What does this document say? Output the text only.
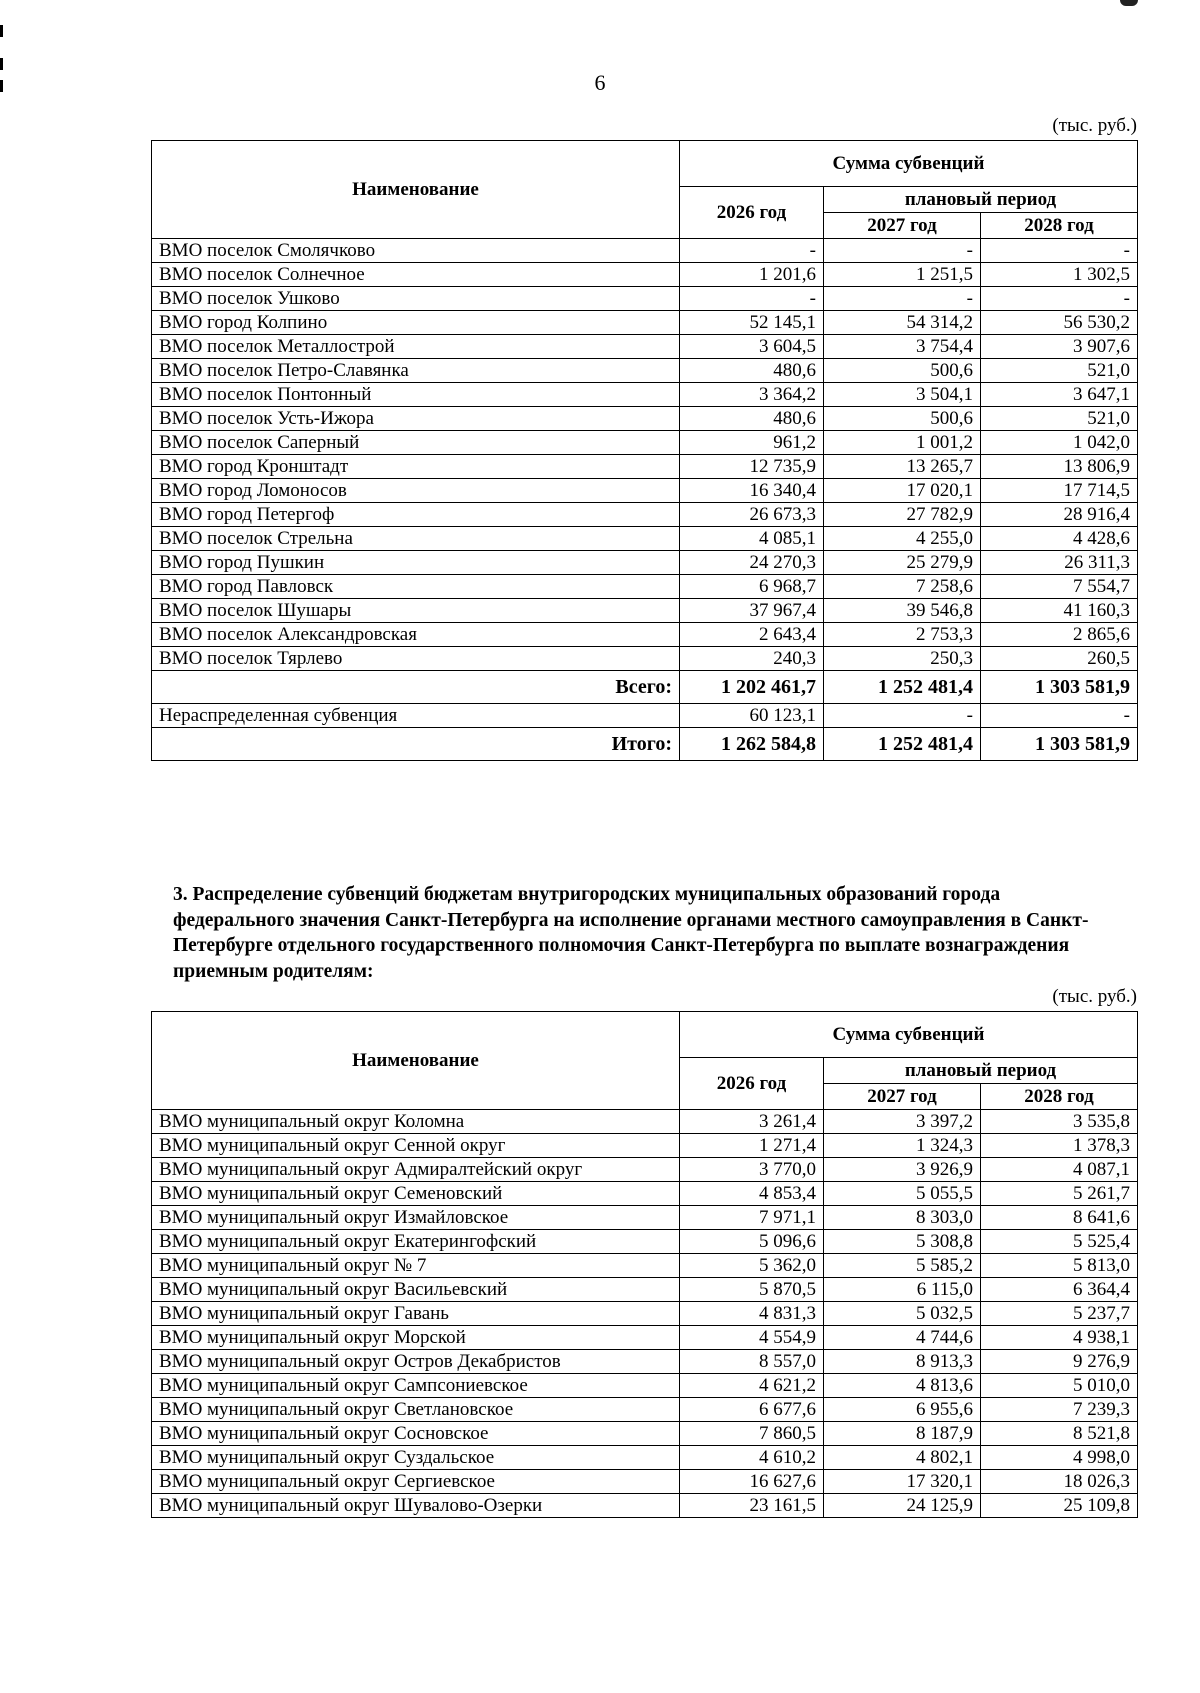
6
(тыс. руб.)
Наименование	Сумма субвенций		
	2026 год	плановый период	
		2027 год	2028 год
ВМО поселок Смолячково	-	-	-
ВМО поселок Солнечное	1 201,6	1 251,5	1 302,5
ВМО поселок Ушково	-	-	-
ВМО город Колпино	52 145,1	54 314,2	56 530,2
ВМО поселок Металлострой	3 604,5	3 754,4	3 907,6
ВМО поселок Петро-Славянка	480,6	500,6	521,0
ВМО поселок Понтонный	3 364,2	3 504,1	3 647,1
ВМО поселок Усть-Ижора	480,6	500,6	521,0
ВМО поселок Саперный	961,2	1 001,2	1 042,0
ВМО город Кронштадт	12 735,9	13 265,7	13 806,9
ВМО город Ломоносов	16 340,4	17 020,1	17 714,5
ВМО город Петергоф	26 673,3	27 782,9	28 916,4
ВМО поселок Стрельна	4 085,1	4 255,0	4 428,6
ВМО город Пушкин	24 270,3	25 279,9	26 311,3
ВМО город Павловск	6 968,7	7 258,6	7 554,7
ВМО поселок Шушары	37 967,4	39 546,8	41 160,3
ВМО поселок Александровская	2 643,4	2 753,3	2 865,6
ВМО поселок Тярлево	240,3	250,3	260,5
Всего:	1 202 461,7	1 252 481,4	1 303 581,9
Нераспределенная субвенция	60 123,1	-	-
Итого:	1 262 584,8	1 252 481,4	1 303 581,9
3. Распределение субвенций бюджетам внутригородских муниципальных образований города федерального значения Санкт-Петербурга на исполнение органами местного самоуправления в Санкт-Петербурге отдельного государственного полномочия Санкт-Петербурга по выплате вознаграждения приемным родителям:
(тыс. руб.)
Наименование	Сумма субвенций		
	2026 год	плановый период	
		2027 год	2028 год
ВМО муниципальный округ Коломна	3 261,4	3 397,2	3 535,8
ВМО муниципальный округ Сенной округ	1 271,4	1 324,3	1 378,3
ВМО муниципальный округ Адмиралтейский округ	3 770,0	3 926,9	4 087,1
ВМО муниципальный округ Семеновский	4 853,4	5 055,5	5 261,7
ВМО муниципальный округ Измайловское	7 971,1	8 303,0	8 641,6
ВМО муниципальный округ Екатерингофский	5 096,6	5 308,8	5 525,4
ВМО муниципальный округ № 7	5 362,0	5 585,2	5 813,0
ВМО муниципальный округ Васильевский	5 870,5	6 115,0	6 364,4
ВМО муниципальный округ Гавань	4 831,3	5 032,5	5 237,7
ВМО муниципальный округ Морской	4 554,9	4 744,6	4 938,1
ВМО муниципальный округ Остров Декабристов	8 557,0	8 913,3	9 276,9
ВМО муниципальный округ Сампсониевское	4 621,2	4 813,6	5 010,0
ВМО муниципальный округ Светлановское	6 677,6	6 955,6	7 239,3
ВМО муниципальный округ Сосновское	7 860,5	8 187,9	8 521,8
ВМО муниципальный округ Суздальское	4 610,2	4 802,1	4 998,0
ВМО муниципальный округ Сергиевское	16 627,6	17 320,1	18 026,3
ВМО муниципальный округ Шувалово-Озерки	23 161,5	24 125,9	25 109,8
